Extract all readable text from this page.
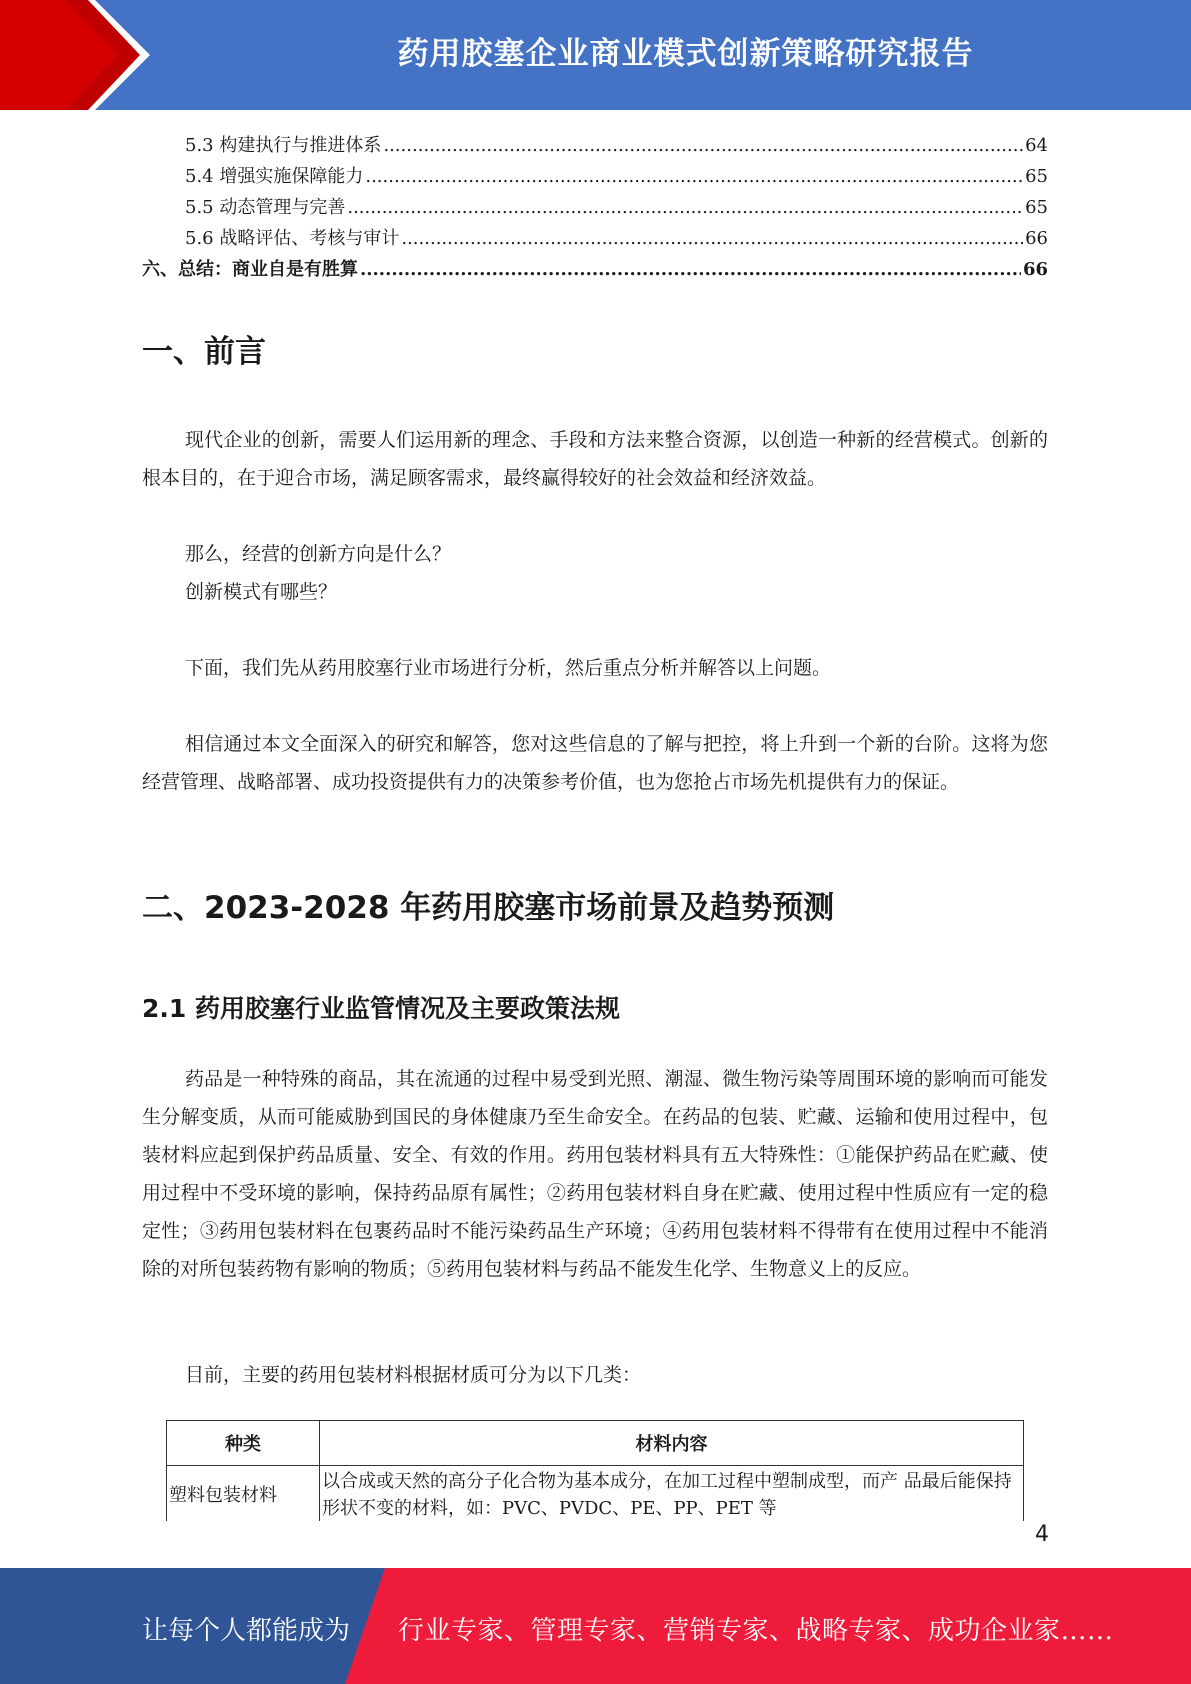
药用胶塞企业商业模式创新策略研究报告
5.3 构建执行与推进体系 .....	64
5.4 增强实施保障能力 .....	65
5.5 动态管理与完善 .....	65
5.6 战略评估、考核与审计 .....	66
六、总结：商业自是有胜算 .....	66
一、前言

现代企业的创新，需要人们运用新的理念、手段和方法来整合资源，以创造一种新的经营模式。创新的根本目的，在于迎合市场，满足顾客需求，最终赢得较好的社会效益和经济效益。

那么，经营的创新方向是什么？

创新模式有哪些？

下面，我们先从药用胶塞行业市场进行分析，然后重点分析并解答以上问题。

相信通过本文全面深入的研究和解答，您对这些信息的了解与把控，将上升到一个新的台阶。这将为您经营管理、战略部署、成功投资提供有力的决策参考价值，也为您抢占市场先机提供有力的保证。

二、2023-2028 年药用胶塞市场前景及趋势预测
2.1 药用胶塞行业监管情况及主要政策法规

药品是一种特殊的商品，其在流通的过程中易受到光照、潮湿、微生物污染等周围环境的影响而可能发生分解变质，从而可能威胁到国民的身体健康乃至生命安全。在药品的包装、贮藏、运输和使用过程中，包装材料应起到保护药品质量、安全、有效的作用。药用包装材料具有五大特殊性：①能保护药品在贮藏、使用过程中不受环境的影响，保持药品原有属性；②药用包装材料自身在贮藏、使用过程中性质应有一定的稳定性；③药用包装材料在包裹药品时不能污染药品生产环境；④药用包装材料不得带有在使用过程中不能消除的对所包装药物有影响的物质；⑤药用包装材料与药品不能发生化学、生物意义上的反应。

目前，主要的药用包装材料根据材质可分为以下几类：

种类	材料内容
塑料包装材料	以合成或天然的高分子化合物为基本成分，在加工过程中塑制成型，而产 品最后能保持形状不变的材料，如：PVC、PVDC、PE、PP、PET 等
4
让每个人都能成为 行业专家、管理专家、营销专家、战略专家、成功企业家……
